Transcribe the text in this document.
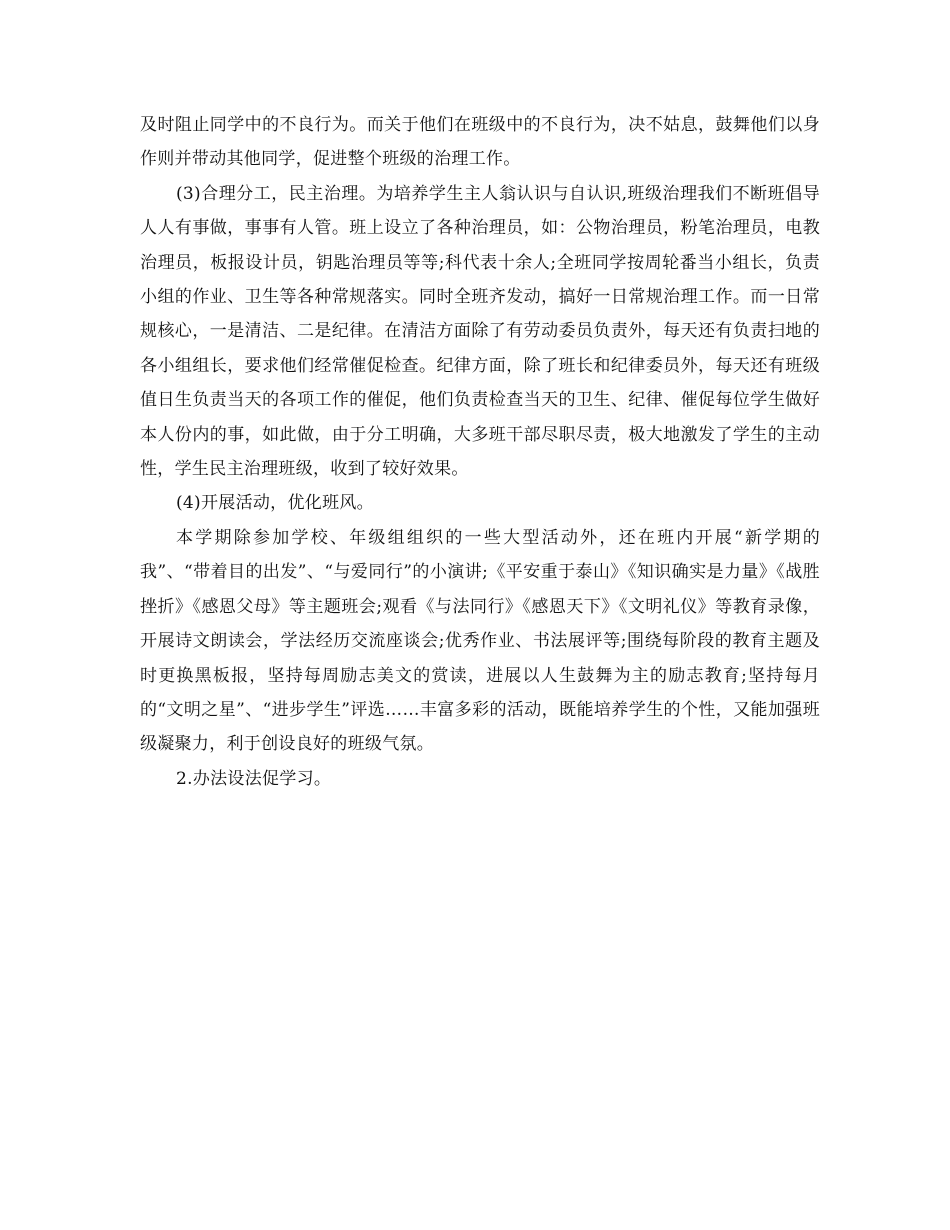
及时阻止同学中的不良行为。而关于他们在班级中的不良行为，决不姑息，鼓舞他们以身作则并带动其他同学，促进整个班级的治理工作。

(3)合理分工，民主治理。为培养学生主人翁认识与自认识,班级治理我们不断班倡导人人有事做，事事有人管。班上设立了各种治理员，如：公物治理员，粉笔治理员，电教治理员，板报设计员，钥匙治理员等等;科代表十余人;全班同学按周轮番当小组长，负责小组的作业、卫生等各种常规落实。同时全班齐发动，搞好一日常规治理工作。而一日常规核心，一是清洁、二是纪律。在清洁方面除了有劳动委员负责外，每天还有负责扫地的各小组组长，要求他们经常催促检查。纪律方面，除了班长和纪律委员外，每天还有班级值日生负责当天的各项工作的催促，他们负责检查当天的卫生、纪律、催促每位学生做好本人份内的事，如此做，由于分工明确，大多班干部尽职尽责，极大地激发了学生的主动性，学生民主治理班级，收到了较好效果。

(4)开展活动，优化班风。

本学期除参加学校、年级组组织的一些大型活动外，还在班内开展“新学期的我”、“带着目的出发”、“与爱同行”的小演讲;《平安重于泰山》《知识确实是力量》《战胜挫折》《感恩父母》等主题班会;观看《与法同行》《感恩天下》《文明礼仪》等教育录像，开展诗文朗读会，学法经历交流座谈会;优秀作业、书法展评等;围绕每阶段的教育主题及时更换黑板报，坚持每周励志美文的赏读，进展以人生鼓舞为主的励志教育;坚持每月的“文明之星”、“进步学生”评选……丰富多彩的活动，既能培养学生的个性，又能加强班级凝聚力，利于创设良好的班级气氛。

2.办法设法促学习。
